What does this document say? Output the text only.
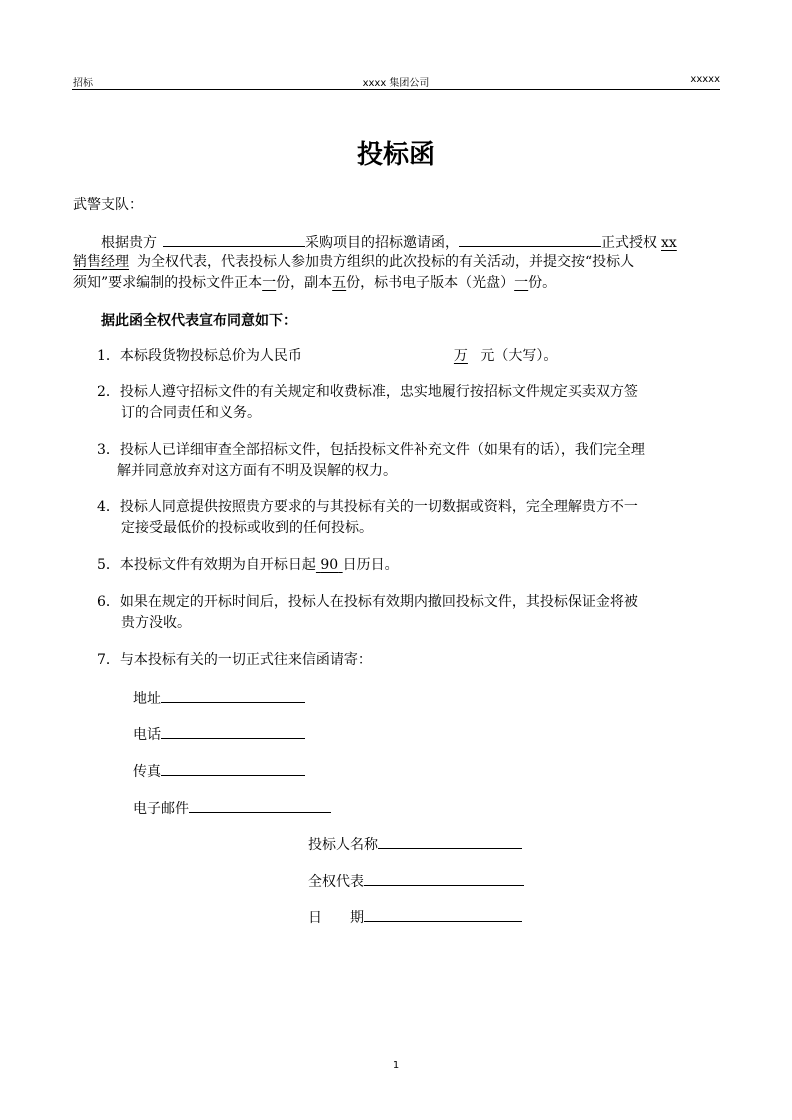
招标	xxxx 集团公司	xxxxx
投标函
武警支队：
根据贵方	采购项目的招标邀请函，	正式授权 xx
销售经理 为全权代表，代表投标人参加贵方组织的此次投标的有关活动，并提交按“投标人
须知”要求编制的投标文件正本一份，副本五份，标书电子版本（光盘）一份。
据此函全权代表宣布同意如下：
1．本标段货物投标总价为人民币	万 元（大写）。
2．投标人遵守招标文件的有关规定和收费标准，忠实地履行按招标文件规定买卖双方签
订的合同责任和义务。
3．投标人已详细审查全部招标文件，包括投标文件补充文件（如果有的话），我们完全理
解并同意放弃对这方面有不明及误解的权力。
4．投标人同意提供按照贵方要求的与其投标有关的一切数据或资料，完全理解贵方不一
定接受最低价的投标或收到的任何投标。
5．本投标文件有效期为自开标日起 90 日历日。
6．如果在规定的开标时间后，投标人在投标有效期内撤回投标文件，其投标保证金将被
贵方没收。
7．与本投标有关的一切正式往来信函请寄：
地址
电话
传真
电子邮件
投标人名称
全权代表
日　　期
1
